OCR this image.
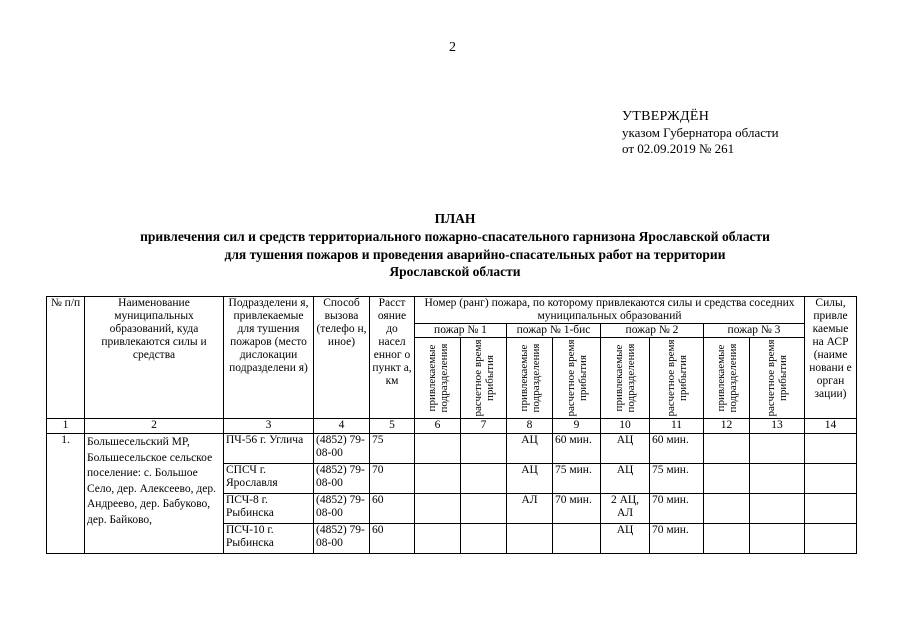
2
УТВЕРЖДЁН
указом Губернатора области
от 02.09.2019 № 261
ПЛАН
привлечения сил и средств территориального пожарно-спасательного гарнизона Ярославской области
для тушения пожаров и проведения аварийно-спасательных работ на территории
Ярославской области
№ п/п	Наименование муниципальных образований, куда привлекаются силы и средства	Подразделени я, привлекаемые для тушения пожаров (место дислокации подразделени я)	Способ вызова (телефо н, иное)	Расст ояние до насел енног о пункт а, км	Номер (ранг) пожара, по которому привлекаются силы и средства соседних муниципальных образований								Силы, привле каемые на АСР (наиме новани е орган зации)
					пожар № 1		пожар № 1-бис		пожар № 2		пожар № 3		

					привлекаемые подразделения	расчетное время прибытия	привлекаемые подразделения	расчетное время прибытия	привлекаемые подразделения	расчетное время прибытия	привлекаемые подразделения	расчетное время прибытия	

1	2	3	4	5	6	7	8	9	10	11	12	13	14
1.	Большесельский МР, Большесельское сельское поселение: с. Большое Село, дер. Алексеево, дер. Андреево, дер. Бабуково, дер. Байково,	ПЧ-56 г. Углича	(4852) 79-08-00	75			АЦ	60 мин.	АЦ	60 мин.			
		СПСЧ г. Ярославля	(4852) 79-08-00	70			АЦ	75 мин.	АЦ	75 мин.			
		ПСЧ-8 г. Рыбинска	(4852) 79-08-00	60			АЛ	70 мин.	2 АЦ, АЛ	70 мин.			
		ПСЧ-10 г. Рыбинска	(4852) 79-08-00	60					АЦ	70 мин.			
